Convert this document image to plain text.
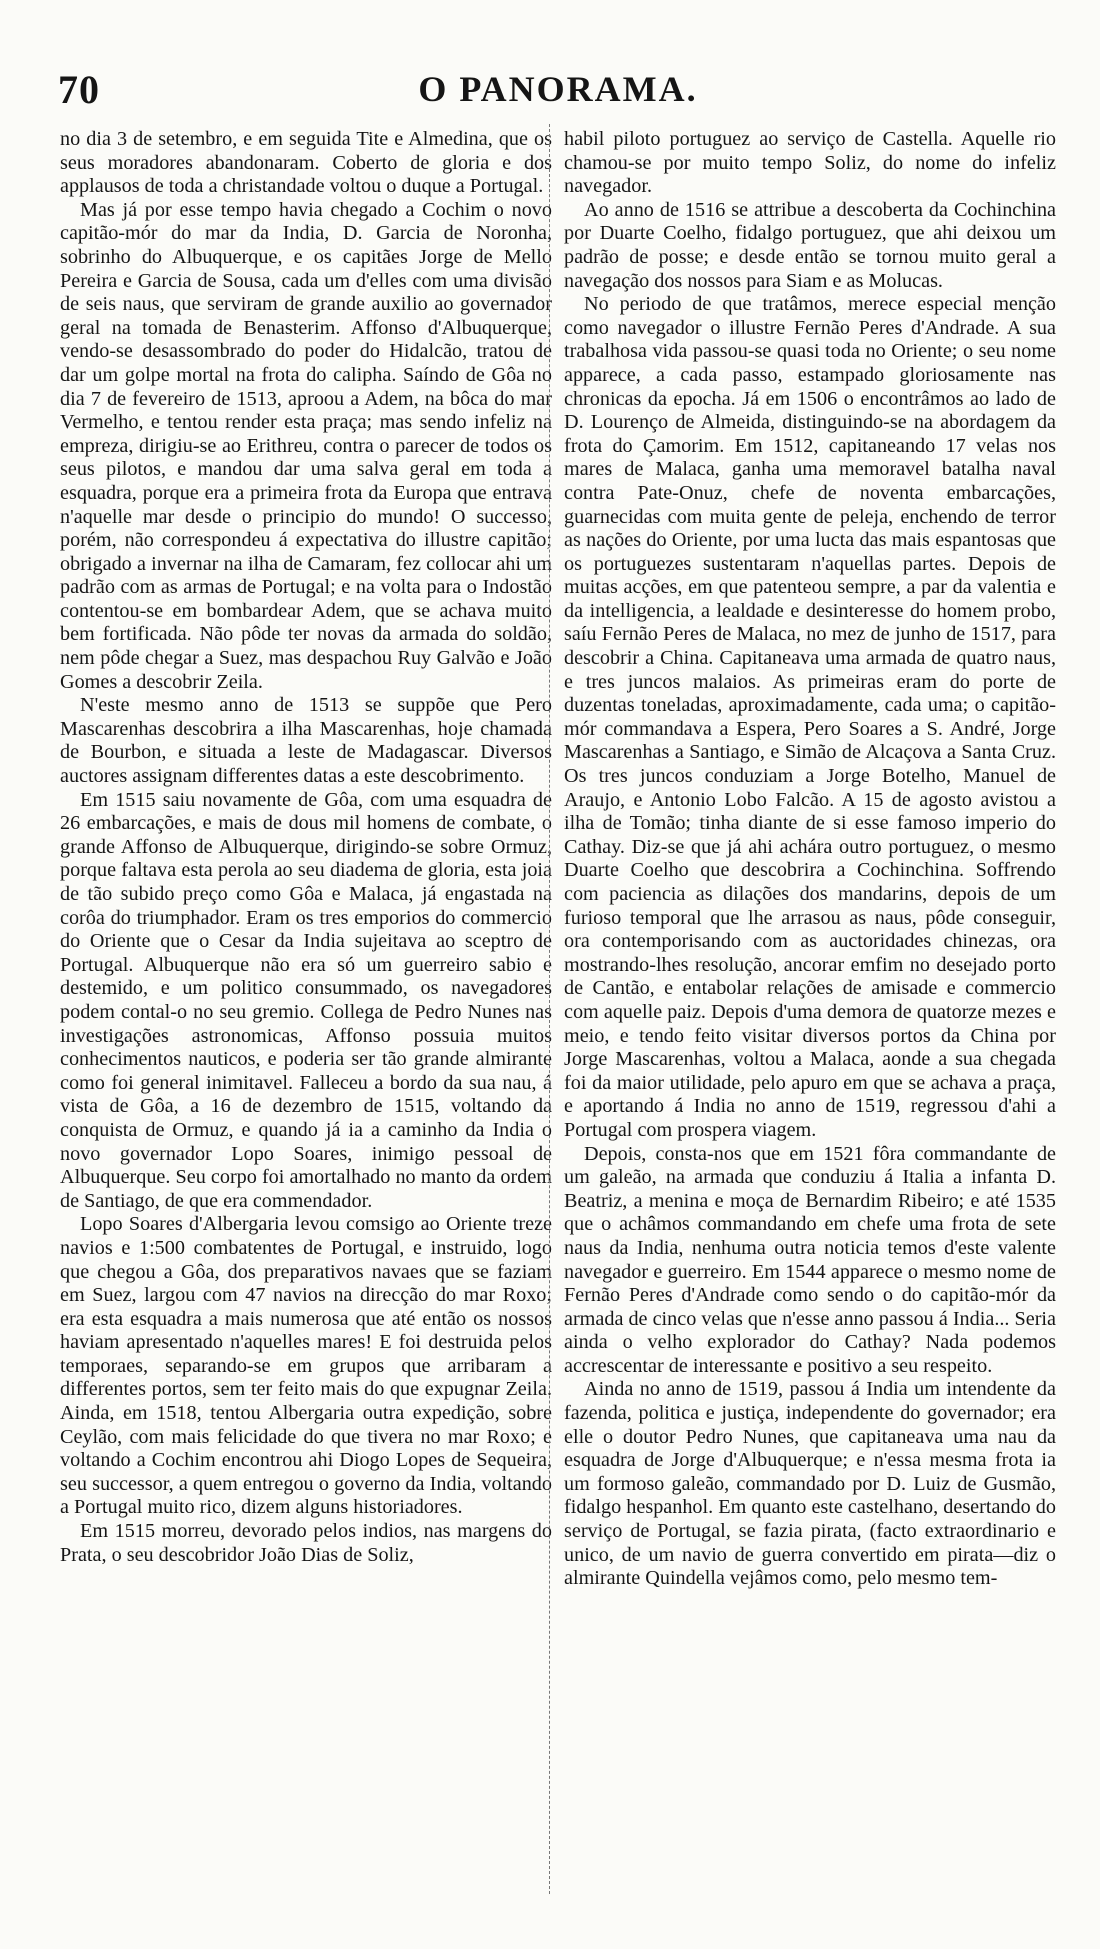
70	O PANORAMA.

no dia 3 de setembro, e em seguida Tite e Almedina, que os seus moradores abandonaram. Coberto de gloria e dos applausos de toda a christandade voltou o duque a Portugal.

Mas já por esse tempo havia chegado a Cochim o novo capitão-mór do mar da India, D. Garcia de Noronha, sobrinho do Albuquerque, e os capitães Jorge de Mello Pereira e Garcia de Sousa, cada um d'elles com uma divisão de seis naus, que serviram de grande auxilio ao governador geral na tomada de Benasterim. Affonso d'Albuquerque, vendo-se desassombrado do poder do Hidalcão, tratou de dar um golpe mortal na frota do calipha. Saíndo de Gôa no dia 7 de fevereiro de 1513, aproou a Adem, na bôca do mar Vermelho, e tentou render esta praça; mas sendo infeliz na empreza, dirigiu-se ao Erithreu, contra o parecer de todos os seus pilotos, e mandou dar uma salva geral em toda a esquadra, porque era a primeira frota da Europa que entrava n'aquelle mar desde o principio do mundo! O successo, porém, não correspondeu á expectativa do illustre capitão; obrigado a invernar na ilha de Camaram, fez collocar ahi um padrão com as armas de Portugal; e na volta para o Indostão contentou-se em bombardear Adem, que se achava muito bem fortificada. Não pôde ter novas da armada do soldão, nem pôde chegar a Suez, mas despachou Ruy Galvão e João Gomes a descobrir Zeila.

N'este mesmo anno de 1513 se suppõe que Pero Mascarenhas descobrira a ilha Mascarenhas, hoje chamada de Bourbon, e situada a leste de Madagascar. Diversos auctores assignam differentes datas a este descobrimento.

Em 1515 saiu novamente de Gôa, com uma esquadra de 26 embarcações, e mais de dous mil homens de combate, o grande Affonso de Albuquerque, dirigindo-se sobre Ormuz, porque faltava esta perola ao seu diadema de gloria, esta joia de tão subido preço como Gôa e Malaca, já engastada na corôa do triumphador. Eram os tres emporios do commercio do Oriente que o Cesar da India sujeitava ao sceptro de Portugal. Albuquerque não era só um guerreiro sabio e destemido, e um politico consummado, os navegadores podem contal-o no seu gremio. Collega de Pedro Nunes nas investigações astronomicas, Affonso possuia muitos conhecimentos nauticos, e poderia ser tão grande almirante como foi general inimitavel. Falleceu a bordo da sua nau, á vista de Gôa, a 16 de dezembro de 1515, voltando da conquista de Ormuz, e quando já ia a caminho da India o novo governador Lopo Soares, inimigo pessoal de Albuquerque. Seu corpo foi amortalhado no manto da ordem de Santiago, de que era commendador.

Lopo Soares d'Albergaria levou comsigo ao Oriente treze navios e 1:500 combatentes de Portugal, e instruido, logo que chegou a Gôa, dos preparativos navaes que se faziam em Suez, largou com 47 navios na direcção do mar Roxo; era esta esquadra a mais numerosa que até então os nossos haviam apresentado n'aquelles mares! E foi destruida pelos temporaes, separando-se em grupos que arribaram a differentes portos, sem ter feito mais do que expugnar Zeila. Ainda, em 1518, tentou Albergaria outra expedição, sobre Ceylão, com mais felicidade do que tivera no mar Roxo; e voltando a Cochim encontrou ahi Diogo Lopes de Sequeira, seu successor, a quem entregou o governo da India, voltando a Portugal muito rico, dizem alguns historiadores.

Em 1515 morreu, devorado pelos indios, nas margens do Prata, o seu descobridor João Dias de Soliz,

habil piloto portuguez ao serviço de Castella. Aquelle rio chamou-se por muito tempo Soliz, do nome do infeliz navegador.

Ao anno de 1516 se attribue a descoberta da Cochinchina por Duarte Coelho, fidalgo portuguez, que ahi deixou um padrão de posse; e desde então se tornou muito geral a navegação dos nossos para Siam e as Molucas.

No periodo de que tratâmos, merece especial menção como navegador o illustre Fernão Peres d'Andrade. A sua trabalhosa vida passou-se quasi toda no Oriente; o seu nome apparece, a cada passo, estampado gloriosamente nas chronicas da epocha. Já em 1506 o encontrâmos ao lado de D. Lourenço de Almeida, distinguindo-se na abordagem da frota do Çamorim. Em 1512, capitaneando 17 velas nos mares de Malaca, ganha uma memoravel batalha naval contra Pate-Onuz, chefe de noventa embarcações, guarnecidas com muita gente de peleja, enchendo de terror as nações do Oriente, por uma lucta das mais espantosas que os portuguezes sustentaram n'aquellas partes. Depois de muitas acções, em que patenteou sempre, a par da valentia e da intelligencia, a lealdade e desinteresse do homem probo, saíu Fernão Peres de Malaca, no mez de junho de 1517, para descobrir a China. Capitaneava uma armada de quatro naus, e tres juncos malaios. As primeiras eram do porte de duzentas toneladas, aproximadamente, cada uma; o capitão-mór commandava a Espera, Pero Soares a S. André, Jorge Mascarenhas a Santiago, e Simão de Alcaçova a Santa Cruz. Os tres juncos conduziam a Jorge Botelho, Manuel de Araujo, e Antonio Lobo Falcão. A 15 de agosto avistou a ilha de Tomão; tinha diante de si esse famoso imperio do Cathay. Diz-se que já ahi achára outro portuguez, o mesmo Duarte Coelho que descobrira a Cochinchina. Soffrendo com paciencia as dilações dos mandarins, depois de um furioso temporal que lhe arrasou as naus, pôde conseguir, ora contemporisando com as auctoridades chinezas, ora mostrando-lhes resolução, ancorar emfim no desejado porto de Cantão, e entabolar relações de amisade e commercio com aquelle paiz. Depois d'uma demora de quatorze mezes e meio, e tendo feito visitar diversos portos da China por Jorge Mascarenhas, voltou a Malaca, aonde a sua chegada foi da maior utilidade, pelo apuro em que se achava a praça, e aportando á India no anno de 1519, regressou d'ahi a Portugal com prospera viagem.

Depois, consta-nos que em 1521 fôra commandante de um galeão, na armada que conduziu á Italia a infanta D. Beatriz, a menina e moça de Bernardim Ribeiro; e até 1535 que o achâmos commandando em chefe uma frota de sete naus da India, nenhuma outra noticia temos d'este valente navegador e guerreiro. Em 1544 apparece o mesmo nome de Fernão Peres d'Andrade como sendo o do capitão-mór da armada de cinco velas que n'esse anno passou á India... Seria ainda o velho explorador do Cathay? Nada podemos accrescentar de interessante e positivo a seu respeito.

Ainda no anno de 1519, passou á India um intendente da fazenda, politica e justiça, independente do governador; era elle o doutor Pedro Nunes, que capitaneava uma nau da esquadra de Jorge d'Albuquerque; e n'essa mesma frota ia um formoso galeão, commandado por D. Luiz de Gusmão, fidalgo hespanhol. Em quanto este castelhano, desertando do serviço de Portugal, se fazia pirata, (facto extraordinario e unico, de um navio de guerra convertido em pirata—diz o almirante Quindella vejâmos como, pelo mesmo tem-
